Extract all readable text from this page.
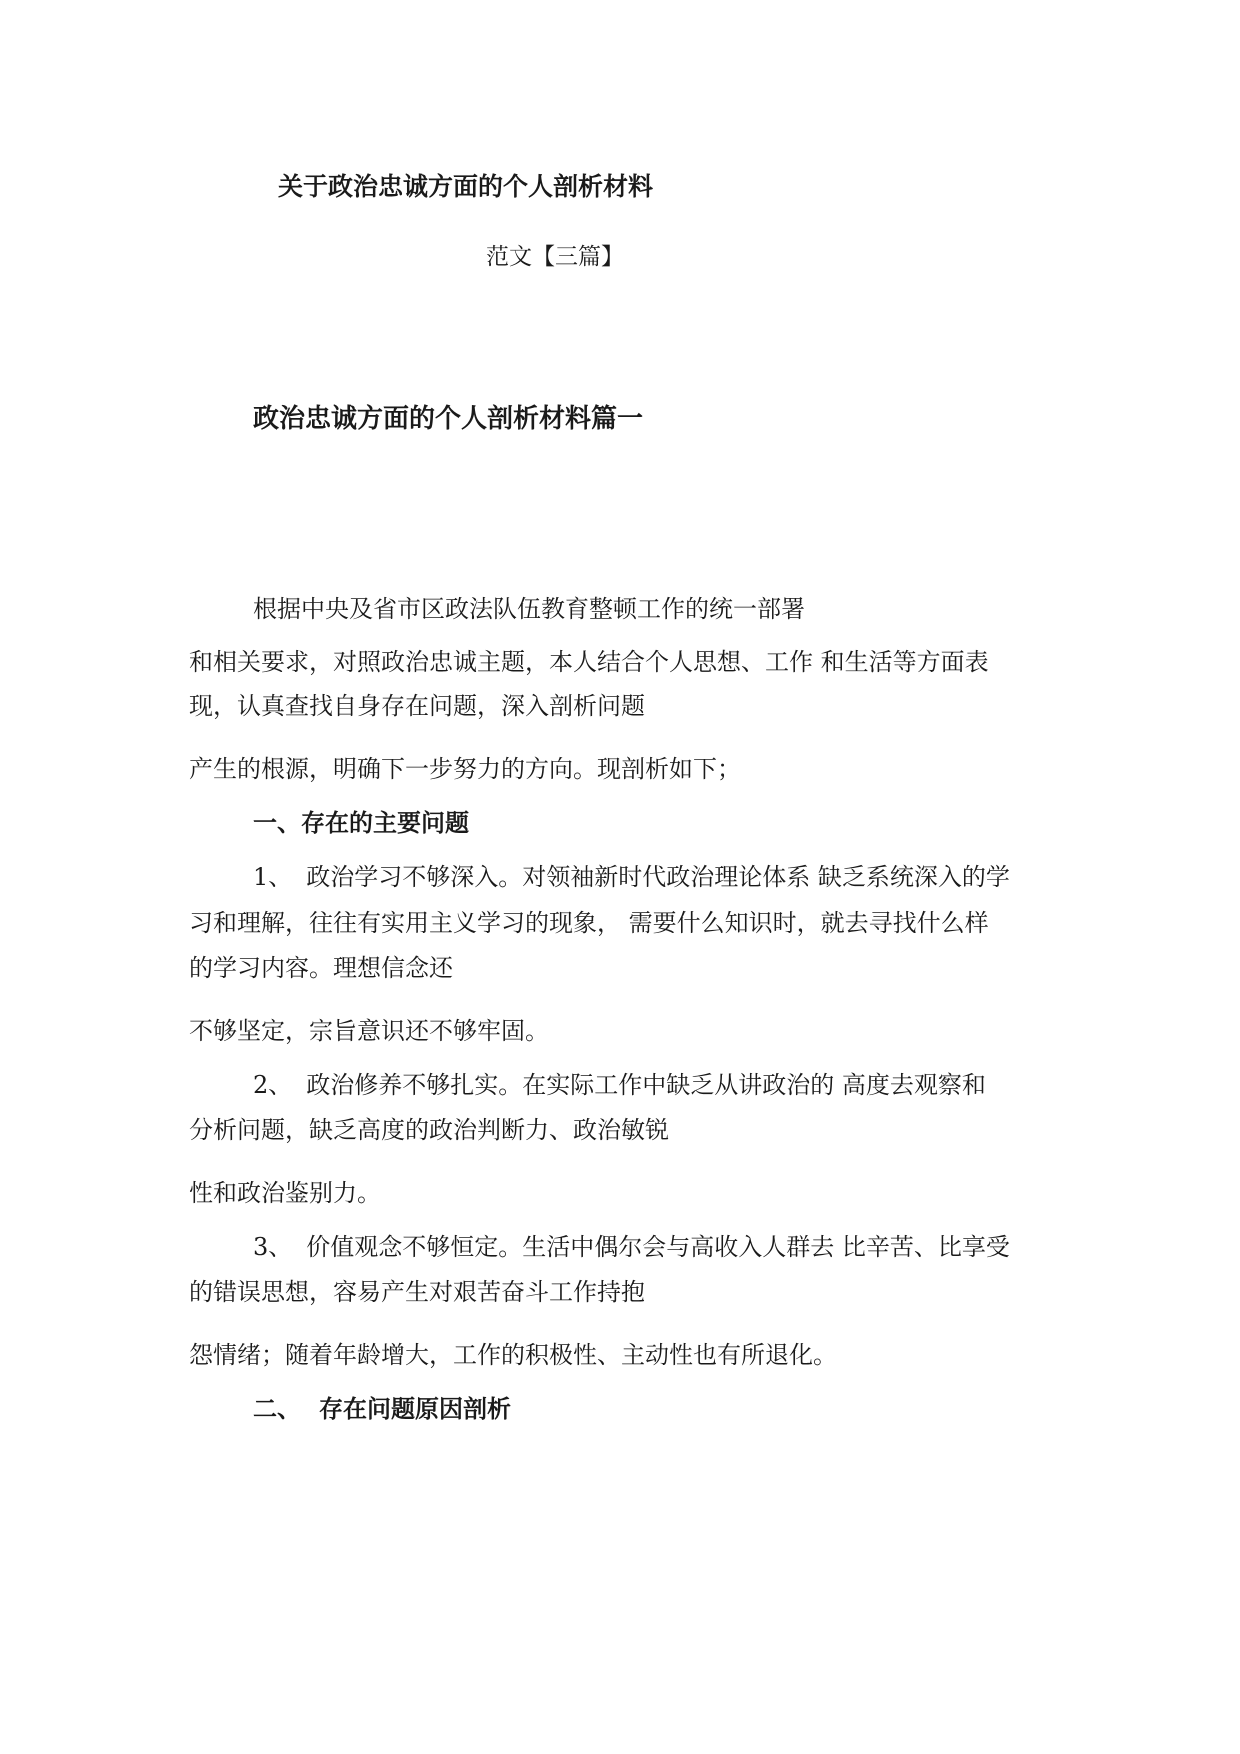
关于政治忠诚方面的个人剖析材料
范文【三篇】
政治忠诚方面的个人剖析材料篇一
根据中央及省市区政法队伍教育整顿工作的统一部署
和相关要求，对照政治忠诚主题，本人结合个人思想、工作 和生活等方面表
现，认真查找自身存在问题，深入剖析问题
产生的根源，明确下一步努力的方向。现剖析如下；
一、存在的主要问题
1、 政治学习不够深入。对领袖新时代政治理论体系 缺乏系统深入的学
习和理解，往往有实用主义学习的现象， 需要什么知识时，就去寻找什么样
的学习内容。理想信念还
不够坚定，宗旨意识还不够牢固。
2、 政治修养不够扎实。在实际工作中缺乏从讲政治的 高度去观察和
分析问题，缺乏高度的政治判断力、政治敏锐
性和政治鉴别力。
3、 价值观念不够恒定。生活中偶尔会与高收入人群去 比辛苦、比享受
的错误思想，容易产生对艰苦奋斗工作持抱
怨情绪；随着年龄增大，工作的积极性、主动性也有所退化。
二、 存在问题原因剖析
